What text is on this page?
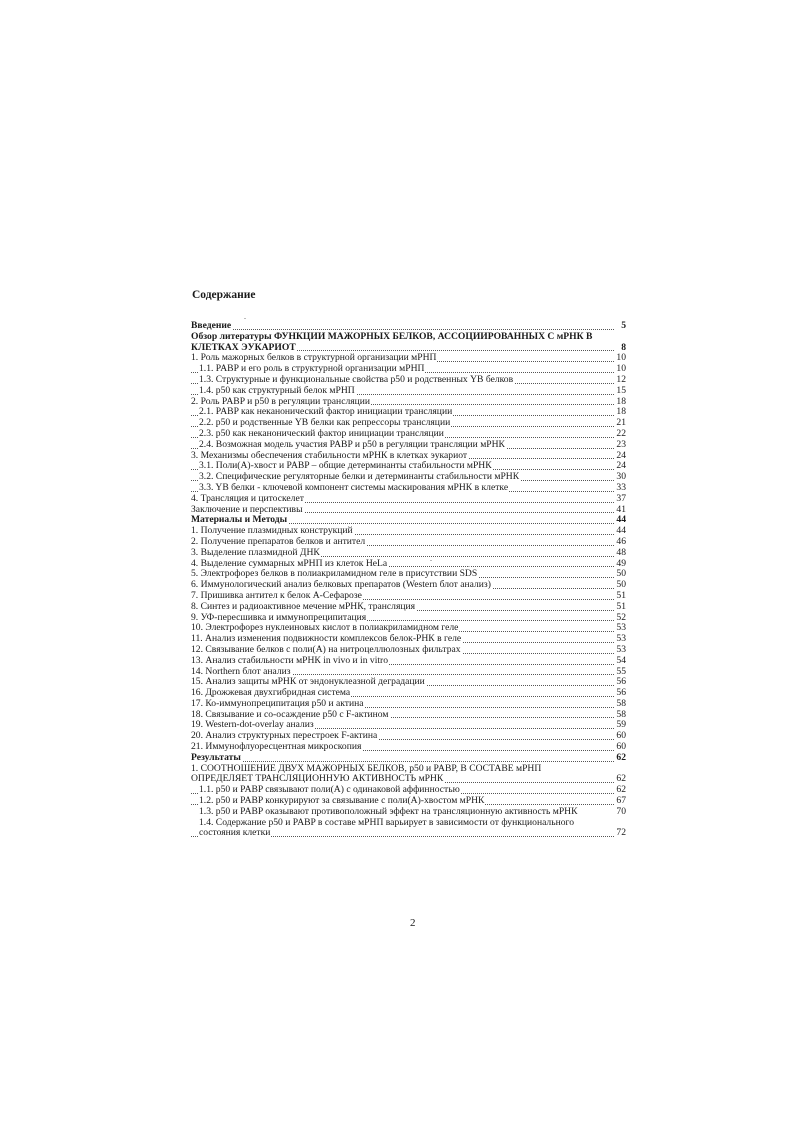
Содержание
Введение	5
Обзор литературы ФУНКЦИИ МАЖОРНЫХ БЕЛКОВ, АССОЦИИРОВАННЫХ С мРНК В
КЛЕТКАХ ЭУКАРИОТ	8
1. Роль мажорных белков в структурной организации мРНП	10
1.1. PABP и его роль в структурной организации мРНП	10
1.3. Структурные и функциональные свойства p50 и родственных YB белков	12
1.4. p50 как структурный белок мРНП	15
2. Роль PABP и p50 в регуляции трансляции	18
2.1. PABP как неканонический фактор инициации трансляции	18
2.2. p50 и родственные YB белки как репрессоры трансляции	21
2.3. p50 как неканонический фактор инициации трансляции	22
2.4. Возможная модель участия PABP и p50 в регуляции трансляции мРНК	23
3. Механизмы обеспечения стабильности мРНК в клетках эукариот	24
3.1. Поли(A)-хвост и PABP – общие детерминанты стабильности мРНК	24
3.2. Специфические регуляторные белки и детерминанты стабильности мРНК	30
3.3. YB белки - ключевой компонент системы маскирования мРНК в клетке	33
4. Трансляция и цитоскелет	37
Заключение и перспективы	41
Материалы и Методы	44
1. Получение плазмидных конструкций	44
2. Получение препаратов белков и антител	46
3. Выделение плазмидной ДНК	48
4. Выделение суммарных мРНП из клеток HeLa	49
5. Электрофорез белков в полиакриламидном геле в присутствии SDS	50
6. Иммунологический анализ белковых препаратов (Western блот анализ)	50
7. Пришивка антител к белок A-Сефарозе	51
8. Синтез и радиоактивное мечение мРНК, трансляция	51
9. УФ-пересшивка и иммунопреципитация	52
10. Электрофорез нуклеиновых кислот в полиакриламидном геле	53
11. Анализ изменения подвижности комплексов белок-РНК в геле	53
12. Связывание белков с поли(A) на нитроцеллюлозных фильтрах	53
13. Анализ стабильности мРНК in vivo и in vitro	54
14. Northern блот анализ	55
15. Анализ защиты мРНК от эндонуклеазной деградации	56
16. Дрожжевая двухгибридная система	56
17. Ко-иммунопреципитация p50 и актина	58
18. Связывание и со-осаждение p50 с F-актином	58
19. Western-dot-overlay анализ	59
20. Анализ структурных перестроек F-актина	60
21. Иммунофлуоресцентная микроскопия	60
Результаты	62
1. СООТНОШЕНИЕ ДВУХ МАЖОРНЫХ БЕЛКОВ, p50 и PABP, В СОСТАВЕ мРНП
ОПРЕДЕЛЯЕТ ТРАНСЛЯЦИОННУЮ АКТИВНОСТЬ мРНК	62
1.1. p50 и PABP связывают поли(A) с одинаковой аффинностью	62
1.2. p50 и PABP конкурируют за связывание с поли(A)-хвостом мРНК	67
1.3. p50 и PABP оказывают противоположный эффект на трансляционную активность мРНК	70
1.4. Содержание p50 и PABP в составе мРНП варьирует в зависимости от функционального
состояния клетки	72
2
